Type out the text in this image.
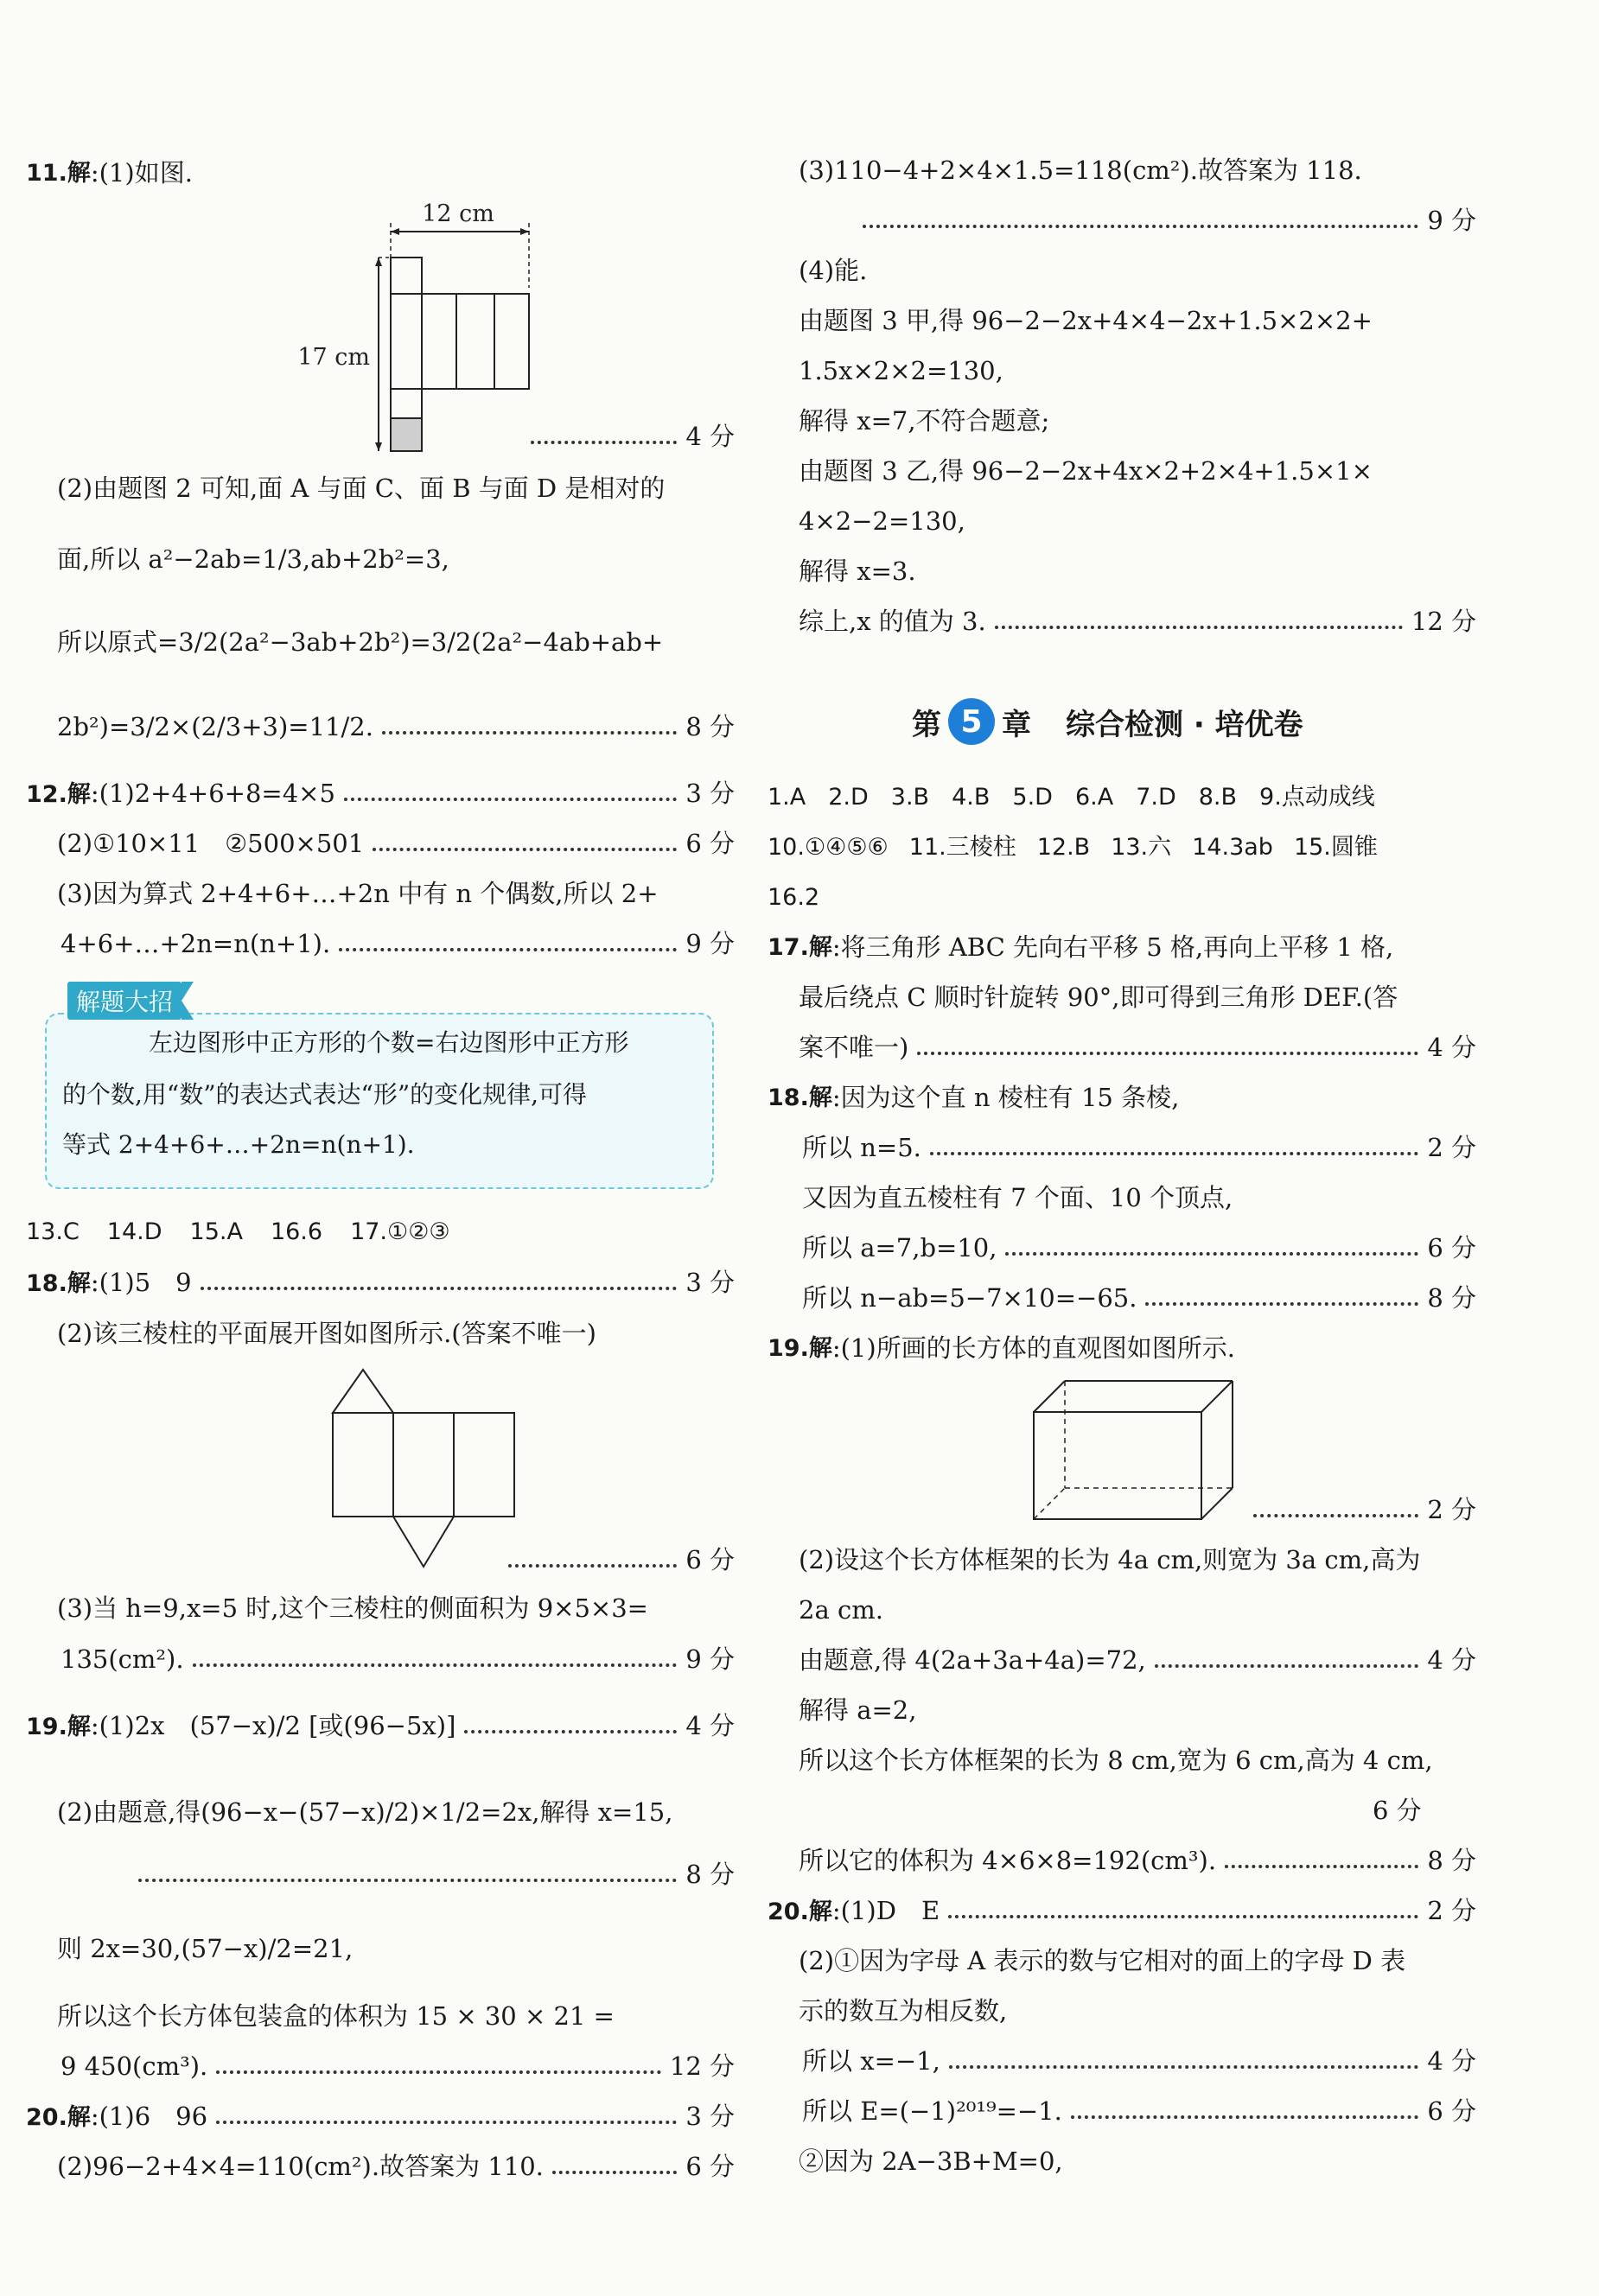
11.解 :(1)如图.
12 cm
17 cm
4 分
(2)由题图 2 可知,面 A 与面 C、面 B 与面 D 是相对的
面,所以 a²−2ab=1/3,ab+2b²=3,
所以原式=3/2(2a²−3ab+2b²)=3/2(2a²−4ab+ab+
2b²)=3/2×(2/3+3)=11/2.	8 分
12.解:(1)2+4+6+8=4×5	3 分
(2)①10×11　②500×501	6 分
(3)因为算式 2+4+6+…+2n 中有 n 个偶数,所以 2+
4+6+…+2n=n(n+1).	9 分
解题大招
左边图形中正方形的个数=右边图形中正方形
的个数,用“数”的表达式表达“形”的变化规律,可得
等式 2+4+6+…+2n=n(n+1).
13.C 14.D 15.A 16.6 17.①②③
18.解:(1)5　9	3 分
(2)该三棱柱的平面展开图如图所示.(答案不唯一)
6 分
(3)当 h=9,x=5 时,这个三棱柱的侧面积为 9×5×3=
135(cm²).	9 分
19.解:(1)2x　(57−x)/2 [或(96−5x)]	4 分
(2)由题意,得(96−x−(57−x)/2)×1/2=2x,解得 x=15,
8 分
则 2x=30,(57−x)/2=21,
所以这个长方体包装盒的体积为 15 × 30 × 21 =
9 450(cm³).	12 分
20.解:(1)6　96	3 分
(2)96−2+4×4=110(cm²).故答案为 110.	6 分
(3)110−4+2×4×1.5=118(cm²).故答案为 118.
9 分
(4)能.
由题图 3 甲,得 96−2−2x+4×4−2x+1.5×2×2+
1.5x×2×2=130,
解得 x=7,不符合题意;
由题图 3 乙,得 96−2−2x+4x×2+2×4+1.5×1×
4×2−2=130,
解得 x=3.
综上,x 的值为 3.	12 分
第 5 章 综合检测 · 培优卷
1.A 2.D 3.B 4.B 5.D 6.A 7.D 8.B 9.点动成线
10.①④⑤⑥ 11.三棱柱 12.B 13.六 14.3ab 15.圆锥
16.2
17.解 :将三角形 ABC 先向右平移 5 格,再向上平移 1 格,
最后绕点 C 顺时针旋转 90°,即可得到三角形 DEF.(答
案不唯一)	4 分
18.解 :因为这个直 n 棱柱有 15 条棱,
所以 n=5.	2 分
又因为直五棱柱有 7 个面、10 个顶点,
所以 a=7,b=10,	6 分
所以 n−ab=5−7×10=−65.	8 分
19.解 :(1)所画的长方体的直观图如图所示.
2 分
(2)设这个长方体框架的长为 4a cm,则宽为 3a cm,高为
2a cm.
由题意,得 4(2a+3a+4a)=72,	4 分
解得 a=2,
所以这个长方体框架的长为 8 cm,宽为 6 cm,高为 4 cm,
6 分
所以它的体积为 4×6×8=192(cm³).	8 分
20.解:(1)D　E	2 分
(2)①因为字母 A 表示的数与它相对的面上的字母 D 表
示的数互为相反数,
所以 x=−1,	4 分
所以 E=(−1)²⁰¹⁹=−1.	6 分
②因为 2A−3B+M=0,
